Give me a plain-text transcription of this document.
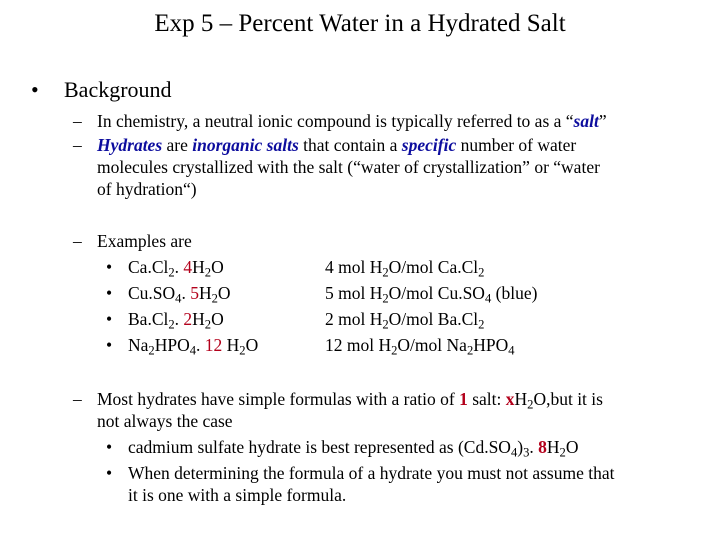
Exp 5 – Percent Water in a Hydrated Salt
• Background
– In chemistry, a neutral ionic compound is typically referred to as a “salt”
– Hydrates are inorganic salts that contain a specific number of water
molecules crystallized with the salt (“water of crystallization” or “water
of hydration“)
– Examples are
• $Ca.Cl_2$. $4H_2O$
• $Cu.SO_4$. $5H_2O$
• $Ba.Cl_2$. $2H_2O$
• $Na_2HPO_4$. 12 $H_2O$
4 mol $H_2O$/mol $Ca.Cl_2$
5 mol $H_2O$/mol $Cu.SO_4$ (blue)
2 mol $H_2O$/mol $Ba.Cl_2$
12 mol $H_2O$/mol $Na_2HPO_4$
– Most hydrates have simple formulas with a ratio of 1 salt: $xH_2O,but$ it is
not always the case
• cadmium sulfate hydrate is best represented as $(Cd.SO_4)_3$. $8H_2O$
• When determining the formula of a hydrate you must not assume that
it is one with a simple formula.
